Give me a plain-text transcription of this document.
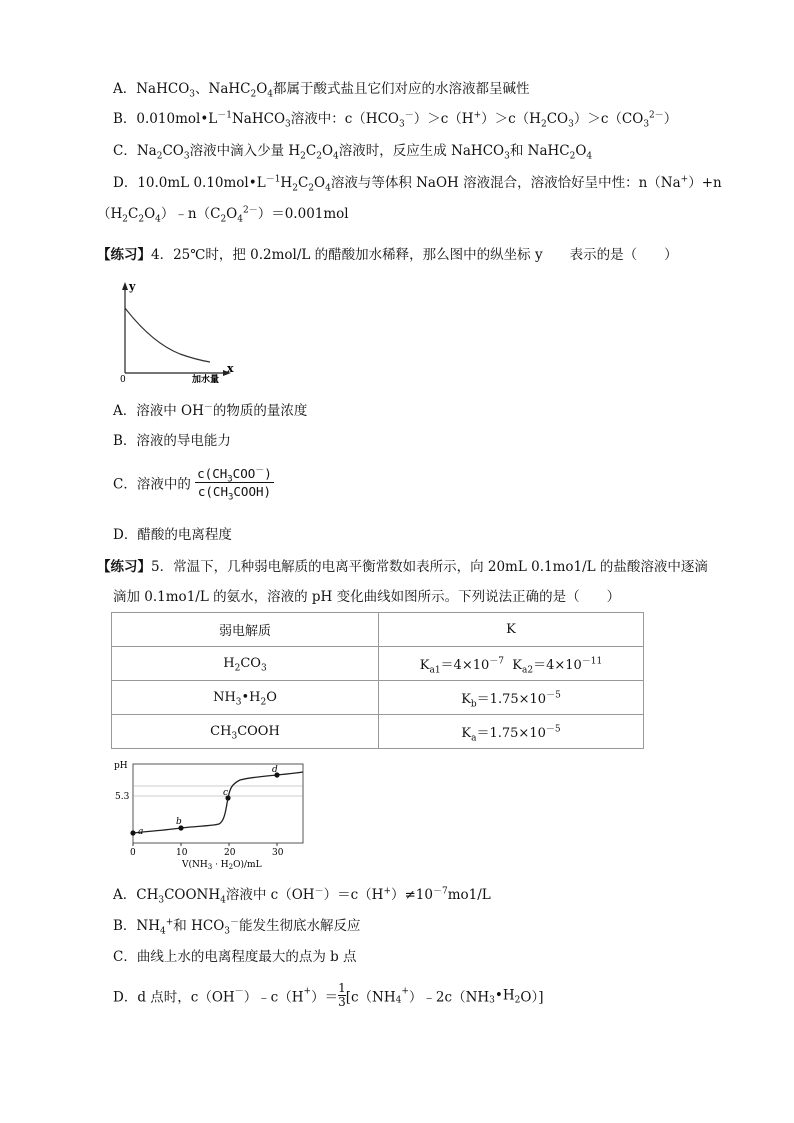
A．NaHCO$_3$、$NaHC_2O_4$都属于酸式盐且它们对应的水溶液都呈碱性
B．$0.010mol•L^{-1}NaHCO_3$溶液中：$c(HCO_3^-)>c(H^+)>c(H_2CO_3)>c(CO_3^{2-})$
C．$Na_2CO_3$溶液中滴入少量 $H_2C_2O_4$溶液时，反应生成 NaHCO$_3$和 $NaHC_2O_4$
D．10.0mL $0.10mol•L^{-1}H_2C_2O_4$溶液与等体积 NaOH 溶液混合，溶液恰好呈中性：n（Na+）+n
$(H_2C_2O_4)﹣n(C_2O_4^{2-})=0.001mol$
【练习】4．25℃时，把 0.2mol/L 的醋酸加水稀释，那么图中的纵坐标 y　　表示的是（　　）
y
x
0	加水量
A．溶液中 OH－的物质的量浓度
B．溶液的导电能力
C．溶液中的 $\frac{c(CH_3COO^-)}{c(CH_3COOH)}$
D．醋酸的电离程度
【练习】5．常温下，几种弱电解质的电离平衡常数如表所示，向 20mL 0.1mo1/L 的盐酸溶液中逐滴
滴加 0.1mo1/L 的氨水，溶液的 pH 变化曲线如图所示。下列说法正确的是（　　）
弱电解质	K
$H_2CO_3$	$K_{a1}=4\times 10^{-7}$ $K_{a2}=4\times 10^{-11}$
$NH_3•H_2O$	$K_b=1.75\times 10^{-5}$
$CH_3COOH$	$K_a=1.75\times 10^{-5}$
pH
5.3
0	10	20	30
$V(NH_3 \cdot H_2O)/mL$
a
b
c
d
A．$CH_3COONH_4$溶液中 $c(OH^-)=c(H^+)\ne 10^{-7}mo1/L$
B．$NH_4^+$和 $HCO_3^-$能发生彻底水解反应
C．曲线上水的电离程度最大的点为 b 点
D．d 点时，c（OH－）﹣c（H+）＝ $\frac{1}{3}$ $[c(NH_4^+)﹣2c(NH_3•H_2O)]$
